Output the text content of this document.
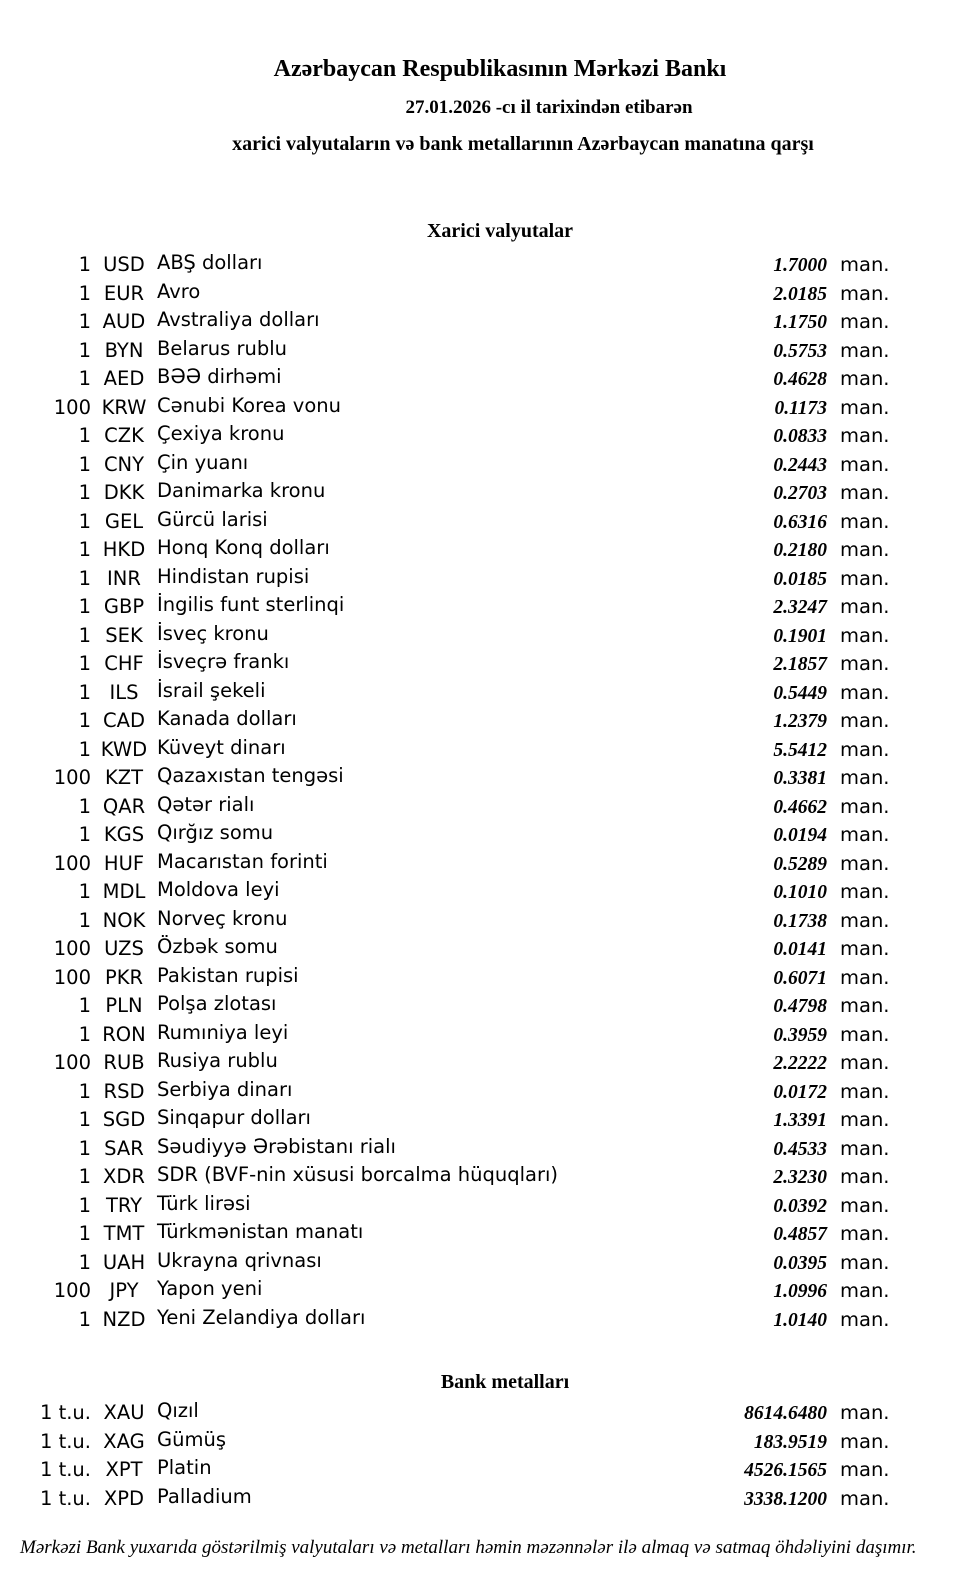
Azərbaycan Respublikasının Mərkəzi Bankı
27.01.2026 -cı il tarixindən etibarən
xarici valyutaların və bank metallarının Azərbaycan manatına qarşı
Xarici valyutalar
1 USD ABŞ dolları	1.7000 man.
1 EUR Avro	2.0185 man.
1 AUD Avstraliya dolları	1.1750 man.
1 BYN Belarus rublu	0.5753 man.
1 AED BƏƏ dirhəmi	0.4628 man.
100 KRW Cənubi Korea vonu	0.1173 man.
1 CZK Çexiya kronu	0.0833 man.
1 CNY Çin yuanı	0.2443 man.
1 DKK Danimarka kronu	0.2703 man.
1 GEL Gürcü larisi	0.6316 man.
1 HKD Honq Konq dolları	0.2180 man.
1 INR Hindistan rupisi	0.0185 man.
1 GBP İngilis funt sterlinqi	2.3247 man.
1 SEK İsveç kronu	0.1901 man.
1 CHF İsveçrə frankı	2.1857 man.
1 ILS İsrail şekeli	0.5449 man.
1 CAD Kanada dolları	1.2379 man.
1 KWD Küveyt dinarı	5.5412 man.
100 KZT Qazaxıstan tengəsi	0.3381 man.
1 QAR Qətər rialı	0.4662 man.
1 KGS Qırğız somu	0.0194 man.
100 HUF Macarıstan forinti	0.5289 man.
1 MDL Moldova leyi	0.1010 man.
1 NOK Norveç kronu	0.1738 man.
100 UZS Özbək somu	0.0141 man.
100 PKR Pakistan rupisi	0.6071 man.
1 PLN Polşa zlotası	0.4798 man.
1 RON Rumıniya leyi	0.3959 man.
100 RUB Rusiya rublu	2.2222 man.
1 RSD Serbiya dinarı	0.0172 man.
1 SGD Sinqapur dolları	1.3391 man.
1 SAR Səudiyyə Ərəbistanı rialı	0.4533 man.
1 XDR SDR (BVF-nin xüsusi borcalma hüquqları)	2.3230 man.
1 TRY Türk lirəsi	0.0392 man.
1 TMT Türkmənistan manatı	0.4857 man.
1 UAH Ukrayna qrivnası	0.0395 man.
100 JPY Yapon yeni	1.0996 man.
1 NZD Yeni Zelandiya dolları	1.0140 man.
Bank metalları
1 t.u. XAU Qızıl	8614.6480 man.
1 t.u. XAG Gümüş	183.9519 man.
1 t.u. XPT Platin	4526.1565 man.
1 t.u. XPD Palladium	3338.1200 man.
Mərkəzi Bank yuxarıda göstərilmiş valyutaları və metalları həmin məzənnələr ilə almaq və satmaq öhdəliyini daşımır.
